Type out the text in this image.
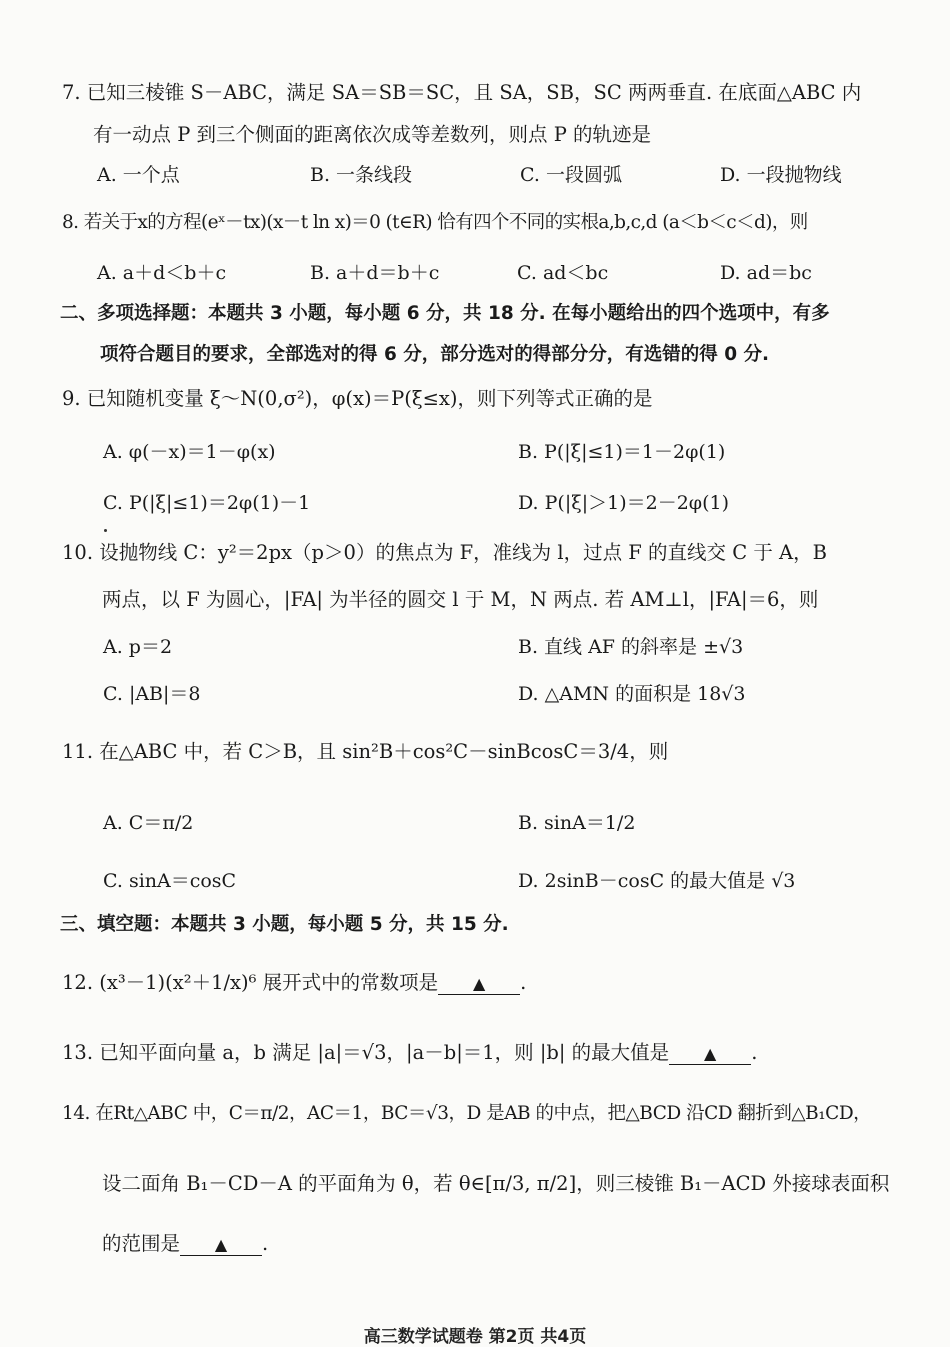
7. 已知三棱锥 S－ABC，满足 SA＝SB＝SC，且 SA，SB，SC 两两垂直. 在底面△ABC 内
有一动点 P 到三个侧面的距离依次成等差数列，则点 P 的轨迹是
A. 一个点	B. 一条线段	C. 一段圆弧	D. 一段抛物线
8. 若关于x的方程(eˣ－tx)(x－t ln x)＝0 (t∈R) 恰有四个不同的实根a,b,c,d (a＜b＜c＜d)，则
A. a＋d＜b＋c	B. a＋d＝b＋c	C. ad＜bc	D. ad＝bc
二、多项选择题：本题共 3 小题，每小题 6 分，共 18 分. 在每小题给出的四个选项中，有多
项符合题目的要求，全部选对的得 6 分，部分选对的得部分分，有选错的得 0 分.
9. 已知随机变量 ξ～N(0,σ²)，φ(x)＝P(ξ≤x)，则下列等式正确的是
A. φ(－x)＝1－φ(x)	B. P(|ξ|≤1)＝1－2φ(1)
C. P(|ξ|≤1)＝2φ(1)－1	D. P(|ξ|＞1)＝2－2φ(1)
10. 设抛物线 C：y²＝2px（p＞0）的焦点为 F，准线为 l，过点 F 的直线交 C 于 A，B
两点，以 F 为圆心，|FA| 为半径的圆交 l 于 M，N 两点. 若 AM⊥l，|FA|＝6，则
A. p＝2	B. 直线 AF 的斜率是 ±√3
C. |AB|＝8	D. △AMN 的面积是 18√3
11. 在△ABC 中，若 C＞B，且 sin²B＋cos²C－sinBcosC＝3/4，则
A. C＝π/2	B. sinA＝1/2
C. sinA＝cosC	D. 2sinB－cosC 的最大值是 √3
三、填空题：本题共 3 小题，每小题 5 分，共 15 分.
12. (x³－1)(x²＋1/x)⁶ 展开式中的常数项是 ▲ .
13. 已知平面向量 a，b 满足 |a|＝√3，|a－b|＝1，则 |b| 的最大值是 ▲ .
14. 在Rt△ABC 中，C＝π/2，AC＝1，BC＝√3，D 是AB 的中点，把△BCD 沿CD 翻折到△B₁CD，
设二面角 B₁－CD－A 的平面角为 θ，若 θ∈[π/3, π/2]，则三棱锥 B₁－ACD 外接球表面积
的范围是 ▲ .
高三数学试题卷 第2页 共4页
